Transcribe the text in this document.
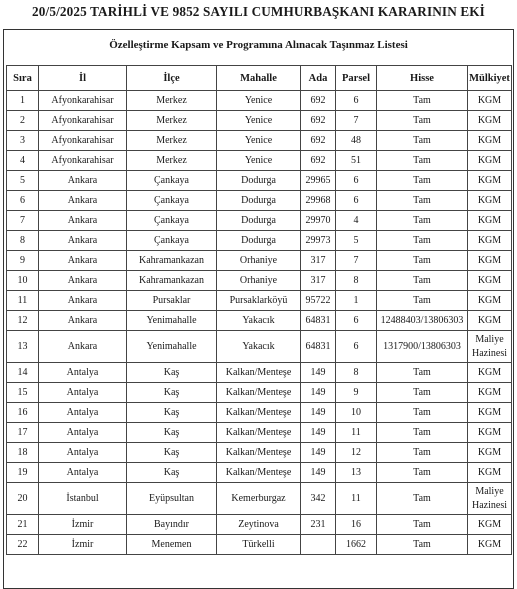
20/5/2025 TARİHLİ VE 9852 SAYILI CUMHURBAŞKANI KARARININ EKİ
Özelleştirme Kapsam ve Programına Alınacak Taşınmaz Listesi
Sıra	İl	İlçe	Mahalle	Ada	Parsel	Hisse	Mülkiyet
1	Afyonkarahisar	Merkez	Yenice	692	6	Tam	KGM
2	Afyonkarahisar	Merkez	Yenice	692	7	Tam	KGM
3	Afyonkarahisar	Merkez	Yenice	692	48	Tam	KGM
4	Afyonkarahisar	Merkez	Yenice	692	51	Tam	KGM
5	Ankara	Çankaya	Dodurga	29965	6	Tam	KGM
6	Ankara	Çankaya	Dodurga	29968	6	Tam	KGM
7	Ankara	Çankaya	Dodurga	29970	4	Tam	KGM
8	Ankara	Çankaya	Dodurga	29973	5	Tam	KGM
9	Ankara	Kahramankazan	Orhaniye	317	7	Tam	KGM
10	Ankara	Kahramankazan	Orhaniye	317	8	Tam	KGM
11	Ankara	Pursaklar	Pursaklarköyü	95722	1	Tam	KGM
12	Ankara	Yenimahalle	Yakacık	64831	6	12488403/13806303	KGM
13	Ankara	Yenimahalle	Yakacık	64831	6	1317900/13806303	Maliye Hazinesi
14	Antalya	Kaş	Kalkan/Menteşe	149	8	Tam	KGM
15	Antalya	Kaş	Kalkan/Menteşe	149	9	Tam	KGM
16	Antalya	Kaş	Kalkan/Menteşe	149	10	Tam	KGM
17	Antalya	Kaş	Kalkan/Menteşe	149	11	Tam	KGM
18	Antalya	Kaş	Kalkan/Menteşe	149	12	Tam	KGM
19	Antalya	Kaş	Kalkan/Menteşe	149	13	Tam	KGM
20	İstanbul	Eyüpsultan	Kemerburgaz	342	11	Tam	Maliye Hazinesi
21	İzmir	Bayındır	Zeytinova	231	16	Tam	KGM
22	İzmir	Menemen	Türkelli		1662	Tam	KGM
